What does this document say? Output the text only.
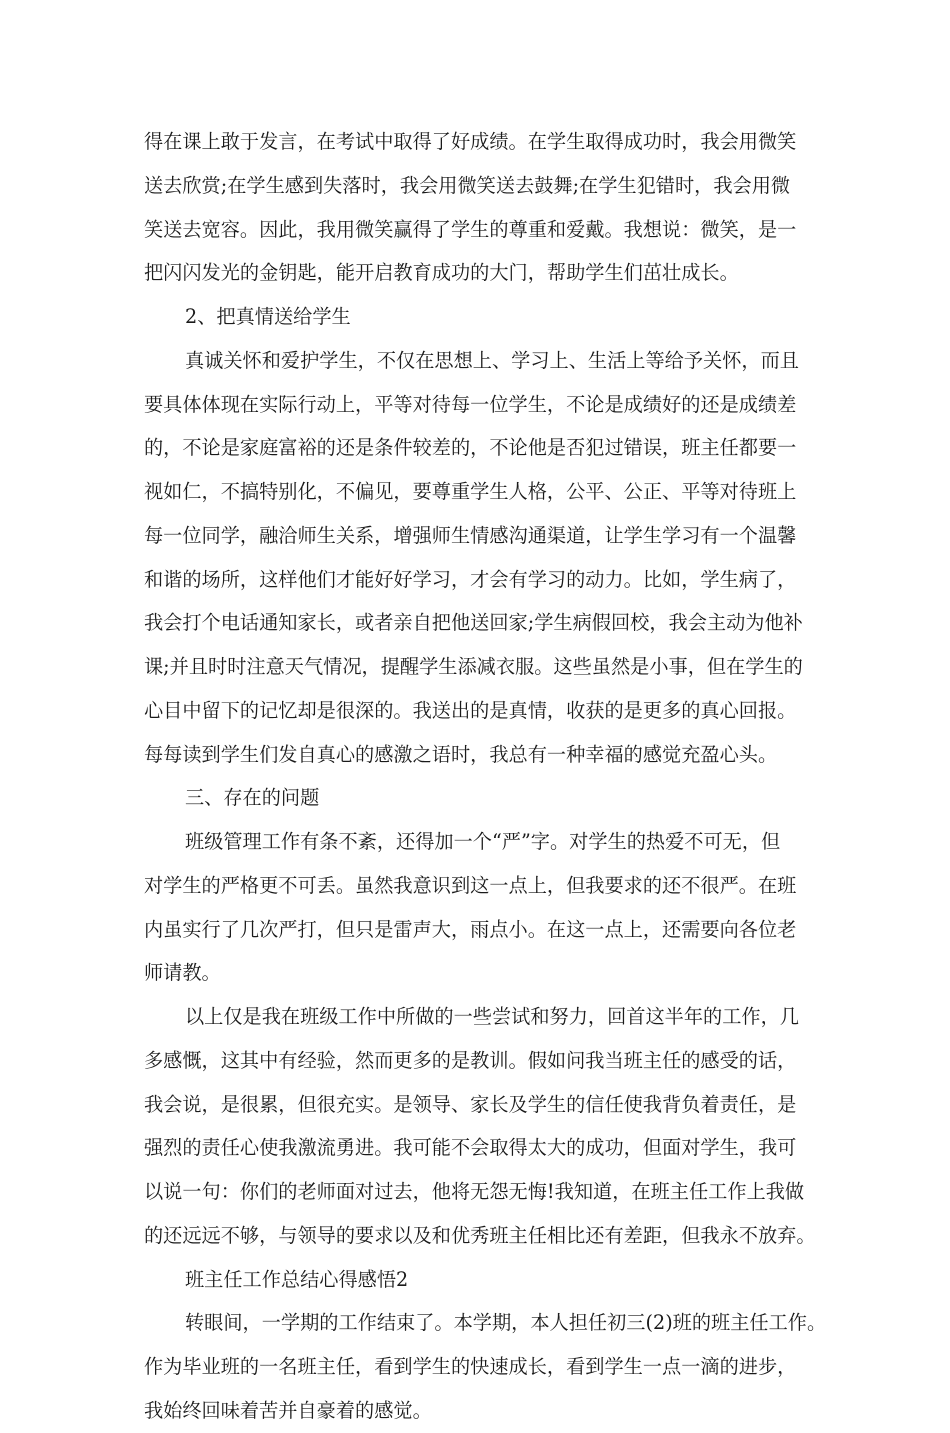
得在课上敢于发言，在考试中取得了好成绩。在学生取得成功时，我会用微笑
送去欣赏;在学生感到失落时，我会用微笑送去鼓舞;在学生犯错时，我会用微
笑送去宽容。因此，我用微笑赢得了学生的尊重和爱戴。我想说：微笑，是一
把闪闪发光的金钥匙，能开启教育成功的大门，帮助学生们茁壮成长。
2、把真情送给学生
真诚关怀和爱护学生，不仅在思想上、学习上、生活上等给予关怀，而且
要具体体现在实际行动上，平等对待每一位学生，不论是成绩好的还是成绩差
的，不论是家庭富裕的还是条件较差的，不论他是否犯过错误，班主任都要一
视如仁，不搞特别化，不偏见，要尊重学生人格，公平、公正、平等对待班上
每一位同学，融洽师生关系，增强师生情感沟通渠道，让学生学习有一个温馨
和谐的场所，这样他们才能好好学习，才会有学习的动力。比如，学生病了，
我会打个电话通知家长，或者亲自把他送回家;学生病假回校，我会主动为他补
课;并且时时注意天气情况，提醒学生添减衣服。这些虽然是小事，但在学生的
心目中留下的记忆却是很深的。我送出的是真情，收获的是更多的真心回报。
每每读到学生们发自真心的感激之语时，我总有一种幸福的感觉充盈心头。
三、存在的问题
班级管理工作有条不紊，还得加一个“严”字。对学生的热爱不可无，但
对学生的严格更不可丢。虽然我意识到这一点上，但我要求的还不很严。在班
内虽实行了几次严打，但只是雷声大，雨点小。在这一点上，还需要向各位老
师请教。
以上仅是我在班级工作中所做的一些尝试和努力，回首这半年的工作，几
多感慨，这其中有经验，然而更多的是教训。假如问我当班主任的感受的话，
我会说，是很累，但很充实。是领导、家长及学生的信任使我背负着责任，是
强烈的责任心使我激流勇进。我可能不会取得太大的成功，但面对学生，我可
以说一句：你们的老师面对过去，他将无怨无悔!我知道，在班主任工作上我做
的还远远不够，与领导的要求以及和优秀班主任相比还有差距，但我永不放弃。
班主任工作总结心得感悟2
转眼间，一学期的工作结束了。本学期，本人担任初三(2)班的班主任工作。
作为毕业班的一名班主任，看到学生的快速成长，看到学生一点一滴的进步，
我始终回味着苦并自豪着的感觉。
